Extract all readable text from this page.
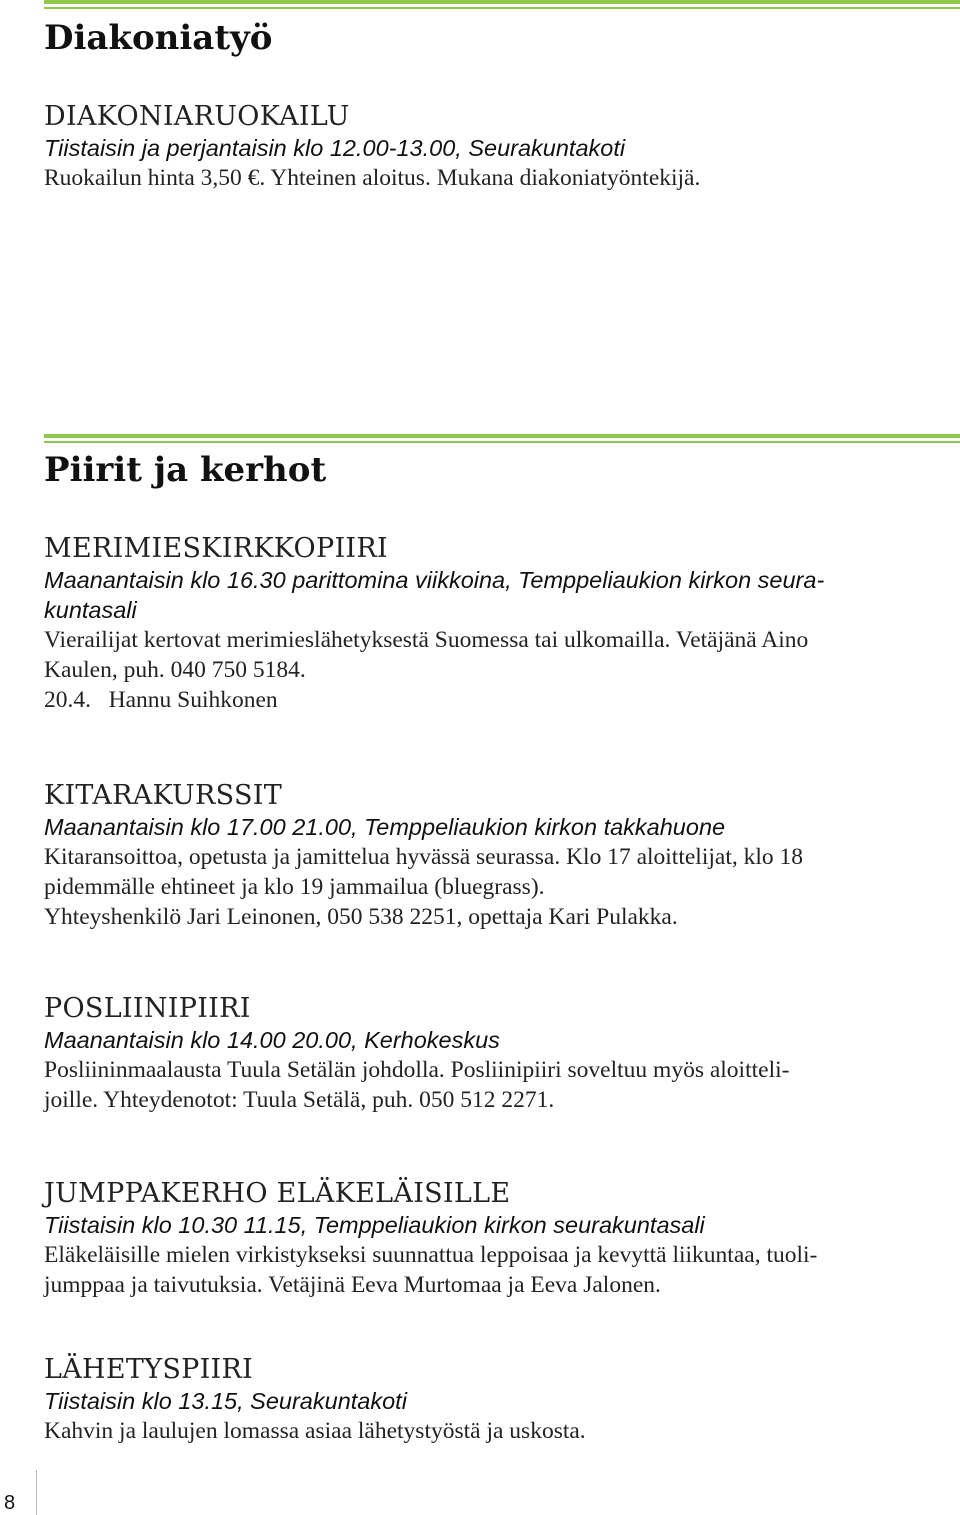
Diakoniatyö

DIAKONIARUOKAILU

Tiistaisin ja perjantaisin klo 12.00-13.00, Seurakuntakoti

Ruokailun hinta 3,50 €. Yhteinen aloitus. Mukana diakoniatyöntekijä.

Piirit ja kerhot

MERIMIESKIRKKOPIIRI

Maanantaisin klo 16.30 parittomina viikkoina, Temppeliaukion kirkon seura-

kuntasali

Vierailijat kertovat merimieslähetyksestä Suomessa tai ulkomailla. Vetäjänä Aino

Kaulen, puh. 040 750 5184.

20.4.   Hannu Suihkonen

KITARAKURSSIT

Maanantaisin klo 17.00 21.00, Temppeliaukion kirkon takkahuone

Kitaransoittoa, opetusta ja jamittelua hyvässä seurassa. Klo 17 aloittelijat, klo 18

pidemmälle ehtineet ja klo 19 jammailua (bluegrass).

Yhteyshenkilö Jari Leinonen, 050 538 2251, opettaja Kari Pulakka.

POSLIINIPIIRI

Maanantaisin klo 14.00 20.00, Kerhokeskus

Posliininmaalausta Tuula Setälän johdolla. Posliinipiiri soveltuu myös aloitteli-

joille. Yhteydenotot: Tuula Setälä, puh. 050 512 2271.

JUMPPAKERHO ELÄKELÄISILLE

Tiistaisin klo 10.30 11.15, Temppeliaukion kirkon seurakuntasali

Eläkeläisille mielen virkistykseksi suunnattua leppoisaa ja kevyttä liikuntaa, tuoli-

jumppaa ja taivutuksia. Vetäjinä Eeva Murtomaa ja Eeva Jalonen.

LÄHETYSPIIRI

Tiistaisin klo 13.15, Seurakuntakoti

Kahvin ja laulujen lomassa asiaa lähetystyöstä ja uskosta.

8
